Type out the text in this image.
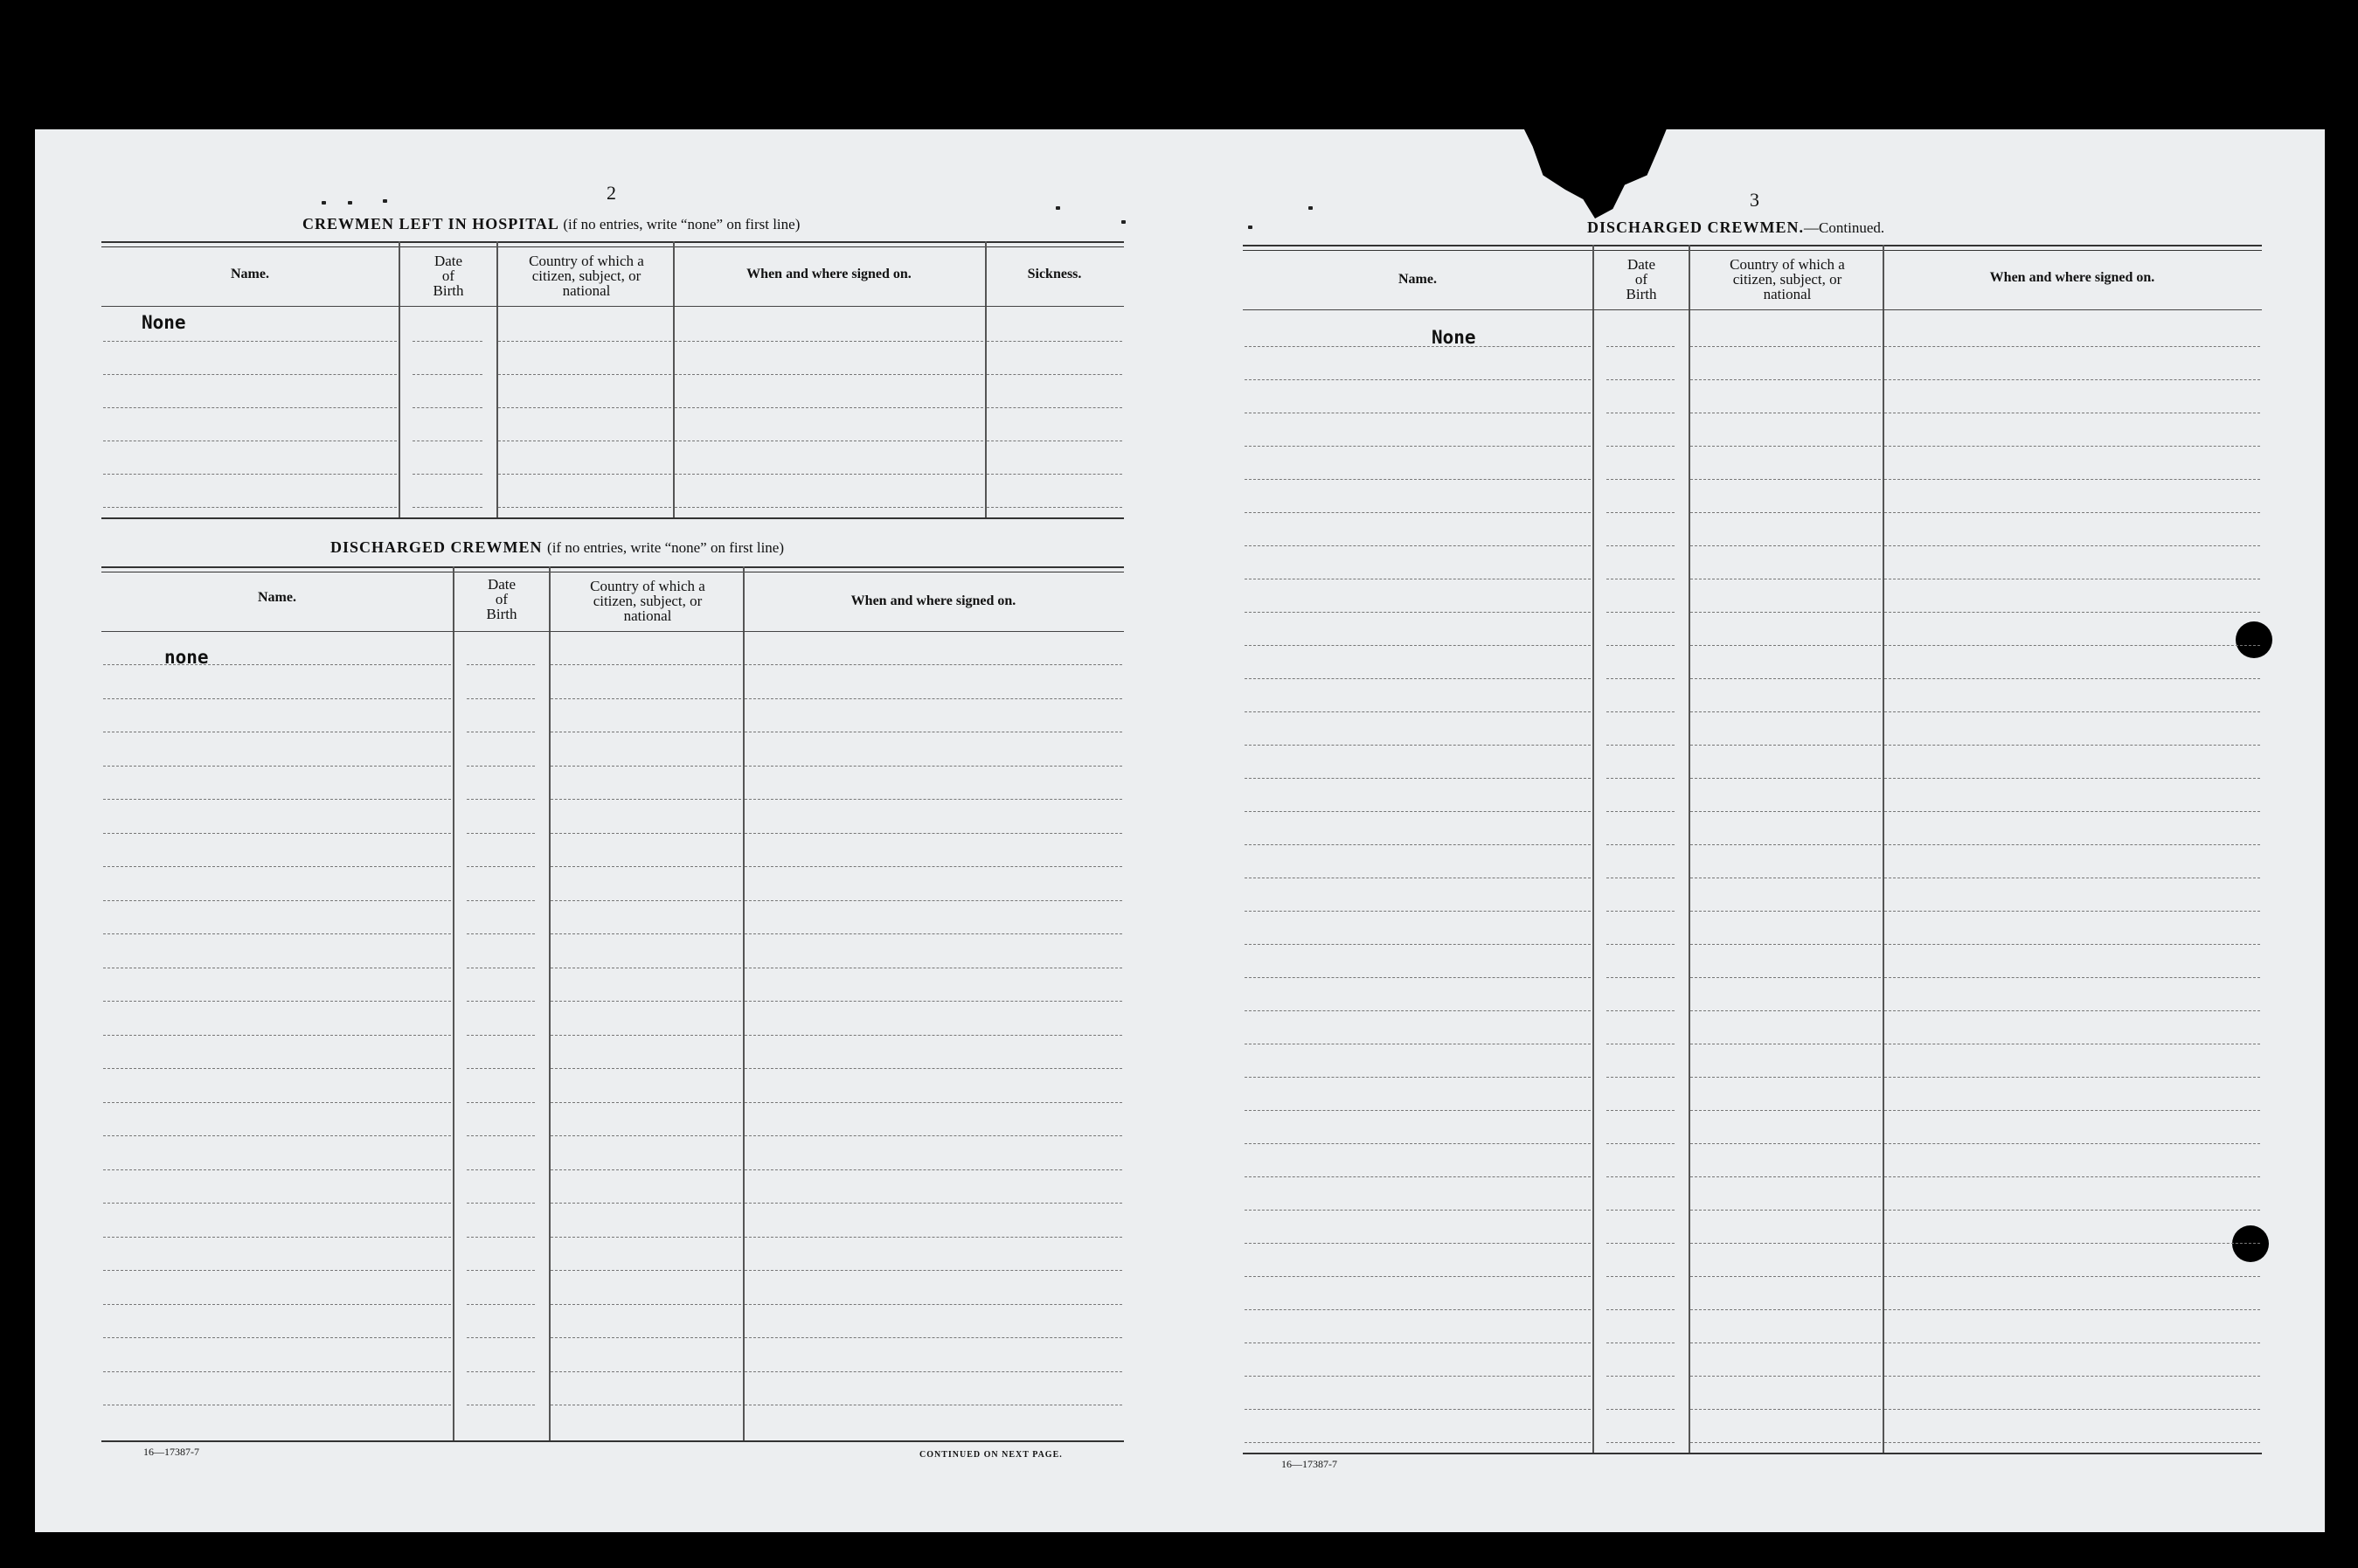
2
CREWMEN LEFT IN HOSPITAL (if no entries, write “none” on first line)
Name.
Date
of
Birth
Country of which a
citizen, subject, or
national
When and where signed on.	Sickness.
None
DISCHARGED CREWMEN (if no entries, write “none” on first line)
Name.
Date
of
Birth
Country of which a
citizen, subject, or
national
When and where signed on.
none
16—17387-7	CONTINUED ON NEXT PAGE.
3
DISCHARGED CREWMEN.—Continued.
Name.
Date
of
Birth
Country of which a
citizen, subject, or
national
When and where signed on.
None
16—17387-7
